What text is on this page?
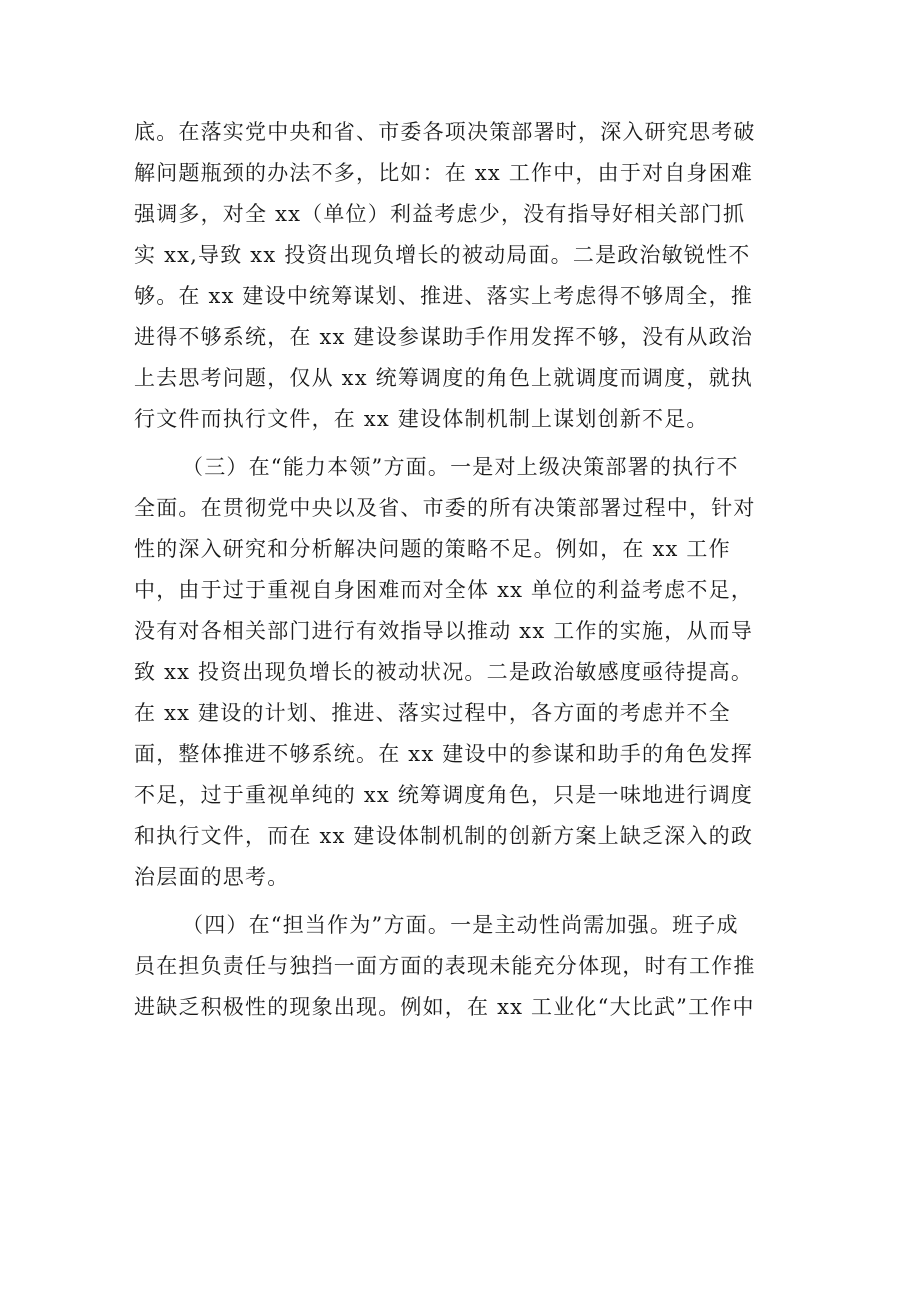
底。在落实党中央和省、市委各项决策部署时，深入研究思考破
解问题瓶颈的办法不多，比如：在 xx 工作中，由于对自身困难
强调多，对全 xx（单位）利益考虑少，没有指导好相关部门抓
实 xx,导致 xx 投资出现负增长的被动局面。二是政治敏锐性不
够。在 xx 建设中统筹谋划、推进、落实上考虑得不够周全，推
进得不够系统，在 xx 建设参谋助手作用发挥不够，没有从政治
上去思考问题，仅从 xx 统筹调度的角色上就调度而调度，就执
行文件而执行文件，在 xx 建设体制机制上谋划创新不足。
（三）在“能力本领”方面。一是对上级决策部署的执行不
全面。在贯彻党中央以及省、市委的所有决策部署过程中，针对
性的深入研究和分析解决问题的策略不足。例如，在 xx 工作
中，由于过于重视自身困难而对全体 xx 单位的利益考虑不足，
没有对各相关部门进行有效指导以推动 xx 工作的实施，从而导
致 xx 投资出现负增长的被动状况。二是政治敏感度亟待提高。
在 xx 建设的计划、推进、落实过程中，各方面的考虑并不全
面，整体推进不够系统。在 xx 建设中的参谋和助手的角色发挥
不足，过于重视单纯的 xx 统筹调度角色，只是一味地进行调度
和执行文件，而在 xx 建设体制机制的创新方案上缺乏深入的政
治层面的思考。
（四）在“担当作为”方面。一是主动性尚需加强。班子成
员在担负责任与独挡一面方面的表现未能充分体现，时有工作推
进缺乏积极性的现象出现。例如，在 xx 工业化“大比武”工作中
